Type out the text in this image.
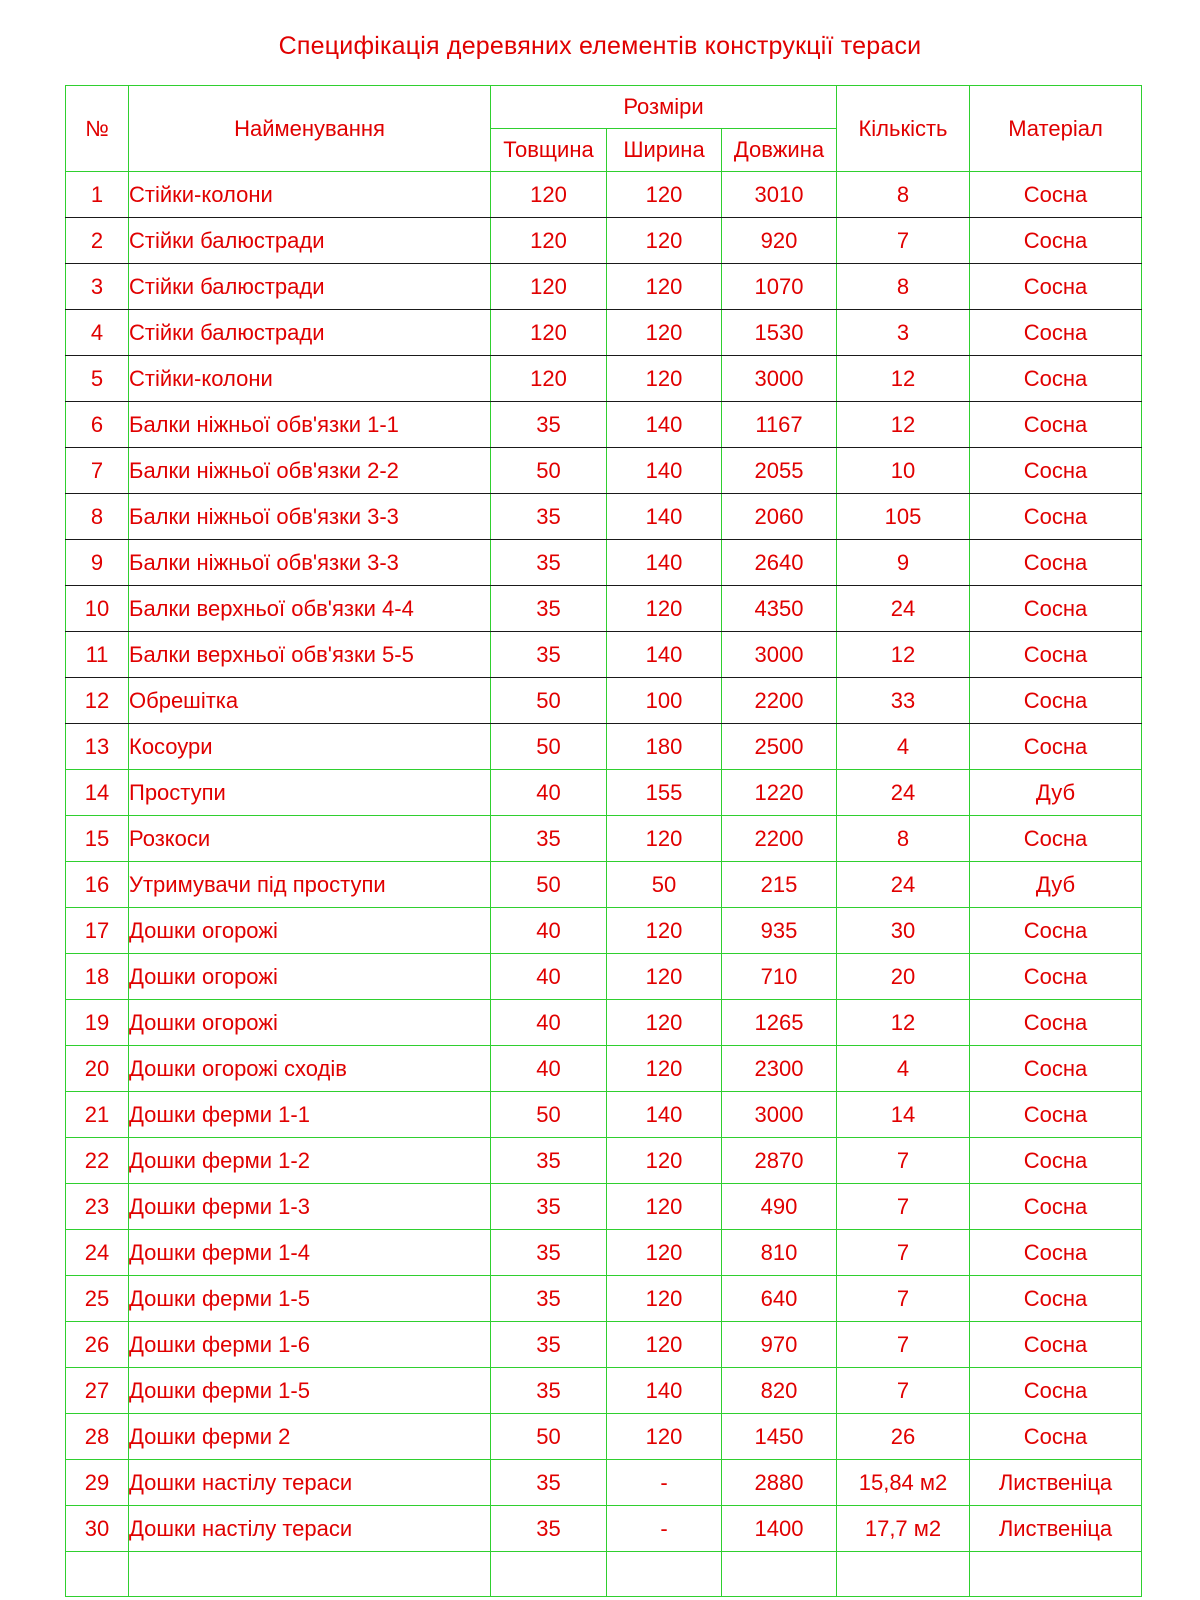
Специфікація деревяних елементів конструкції тераси
№	Найменування	Розміри			Кількість	Матеріал
		Товщина	Ширина	Довжина		
1	Стійки-колони	120	120	3010	8	Сосна
2	Стійки балюстради	120	120	920	7	Сосна
3	Стійки балюстради	120	120	1070	8	Сосна
4	Стійки балюстради	120	120	1530	3	Сосна
5	Стійки-колони	120	120	3000	12	Сосна
6	Балки ніжньої обв'язки 1-1	35	140	1167	12	Сосна
7	Балки ніжньої обв'язки 2-2	50	140	2055	10	Сосна
8	Балки ніжньої обв'язки 3-3	35	140	2060	105	Сосна
9	Балки ніжньої обв'язки 3-3	35	140	2640	9	Сосна
10	Балки верхньої обв'язки 4-4	35	120	4350	24	Сосна
11	Балки верхньої обв'язки 5-5	35	140	3000	12	Сосна
12	Обрешітка	50	100	2200	33	Сосна
13	Косоури	50	180	2500	4	Сосна
14	Проступи	40	155	1220	24	Дуб
15	Розкоси	35	120	2200	8	Сосна
16	Утримувачи під проступи	50	50	215	24	Дуб
17	Дошки огорожі	40	120	935	30	Сосна
18	Дошки огорожі	40	120	710	20	Сосна
19	Дошки огорожі	40	120	1265	12	Сосна
20	Дошки огорожі сходів	40	120	2300	4	Сосна
21	Дошки ферми 1-1	50	140	3000	14	Сосна
22	Дошки ферми 1-2	35	120	2870	7	Сосна
23	Дошки ферми 1-3	35	120	490	7	Сосна
24	Дошки ферми 1-4	35	120	810	7	Сосна
25	Дошки ферми 1-5	35	120	640	7	Сосна
26	Дошки ферми 1-6	35	120	970	7	Сосна
27	Дошки ферми 1-5	35	140	820	7	Сосна
28	Дошки ферми 2	50	120	1450	26	Сосна
29	Дошки настілу тераси	35	-	2880	15,84 м2	Лиственіца
30	Дошки настілу тераси	35	-	1400	17,7 м2	Лиственіца
